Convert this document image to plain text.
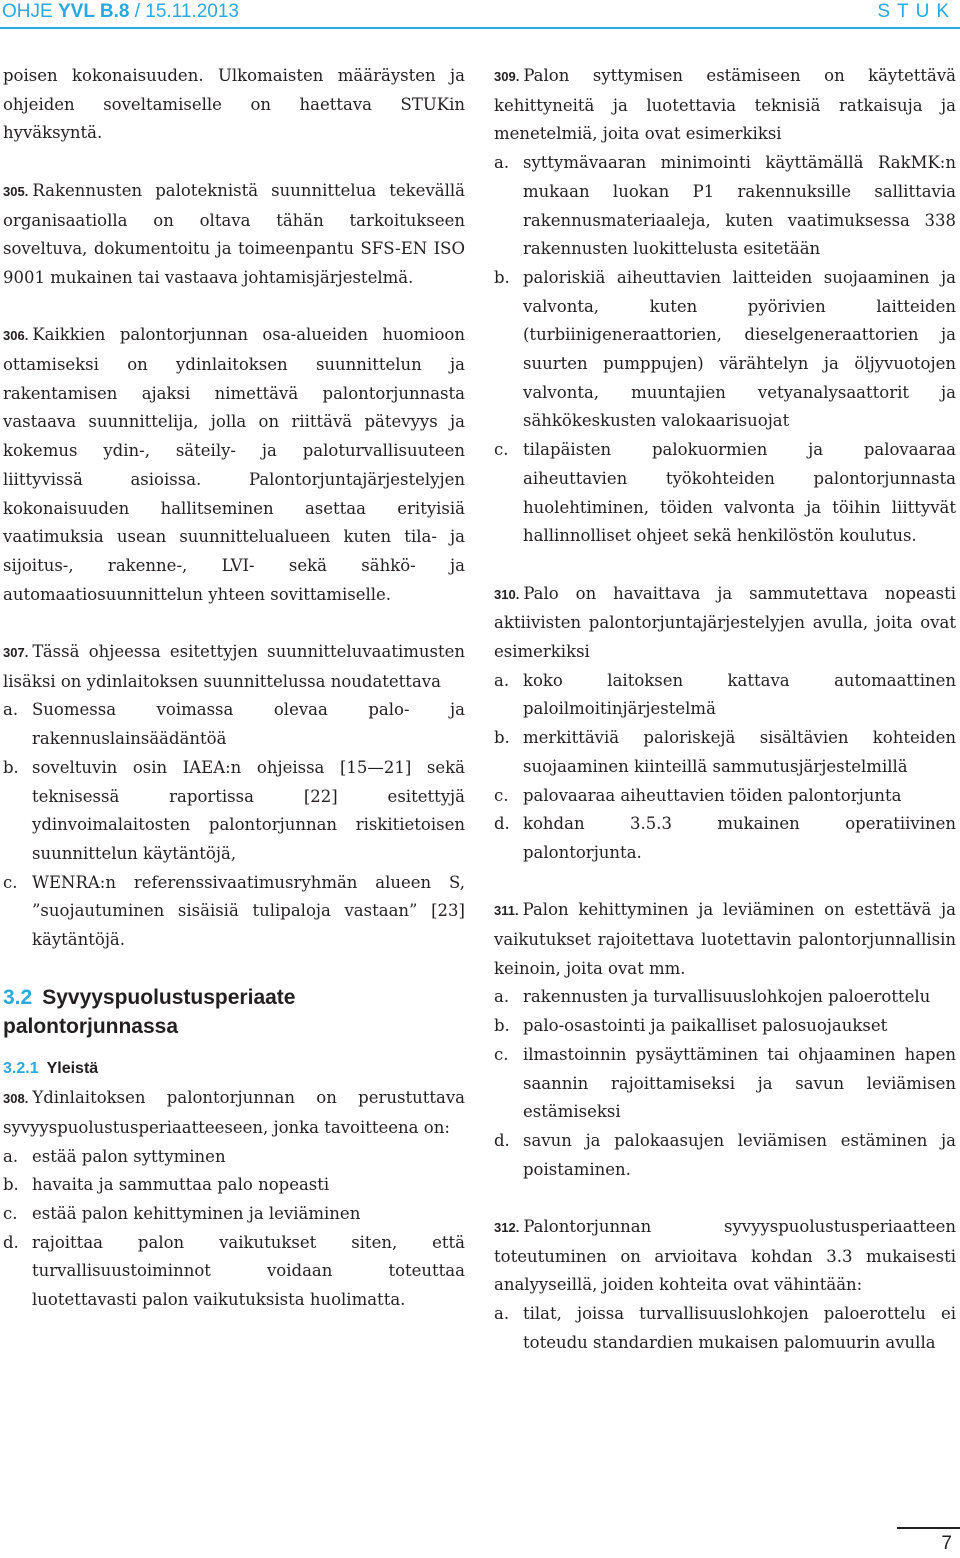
OHJE YVL B.8 / 15.11.2013	STUK

poisen kokonaisuuden. Ulkomaisten määräysten ja ohjeiden soveltamiselle on haettava STUKin hyväksyntä.

305. Rakennusten paloteknistä suunnittelua tekevällä organisaatiolla on oltava tähän tarkoitukseen soveltuva, dokumentoitu ja toimeenpantu SFS-EN ISO 9001 mukainen tai vastaava johtamisjärjestelmä.

306. Kaikkien palontorjunnan osa-alueiden huomioon ottamiseksi on ydinlaitoksen suunnittelun ja rakentamisen ajaksi nimettävä palontorjunnasta vastaava suunnittelija, jolla on riittävä pätevyys ja kokemus ydin-, säteily- ja paloturvallisuuteen liittyvissä asioissa. Palontorjuntajärjestelyjen kokonaisuuden hallitseminen asettaa erityisiä vaatimuksia usean suunnittelualueen kuten tila- ja sijoitus-, rakenne-, LVI- sekä sähkö- ja automaatiosuunnittelun yhteen sovittamiselle.

307. Tässä ohjeessa esitettyjen suunnitteluvaatimusten lisäksi on ydinlaitoksen suunnittelussa noudatettava

a. Suomessa voimassa olevaa palo- ja rakennuslainsäädäntöä
b. soveltuvin osin IAEA:n ohjeissa [15—21] sekä teknisessä raportissa [22] esitettyjä ydinvoimalaitosten palontorjunnan riskitietoisen suunnittelun käytäntöjä,
c. WENRA:n referenssivaatimusryhmän alueen S, ”suojautuminen sisäisiä tulipaloja vastaan” [23] käytäntöjä.
3.2 Syvyyspuolustusperiaate palontorjunnassa
3.2.1 Yleistä

308. Ydinlaitoksen palontorjunnan on perustuttava syvyyspuolustusperiaatteeseen, jonka tavoitteena on:

a. estää palon syttyminen
b. havaita ja sammuttaa palo nopeasti
c. estää palon kehittyminen ja leviäminen
d. rajoittaa palon vaikutukset siten, että turvallisuustoiminnot voidaan toteuttaa luotettavasti palon vaikutuksista huolimatta.

309. Palon syttymisen estämiseen on käytettävä kehittyneitä ja luotettavia teknisiä ratkaisuja ja menetelmiä, joita ovat esimerkiksi

a. syttymävaaran minimointi käyttämällä RakMK:n mukaan luokan P1 rakennuksille sallittavia rakennusmateriaaleja, kuten vaatimuksessa 338 rakennusten luokittelusta esitetään
b. paloriskiä aiheuttavien laitteiden suojaaminen ja valvonta, kuten pyörivien laitteiden (turbiinigeneraattorien, dieselgeneraattorien ja suurten pumppujen) värähtelyn ja öljyvuotojen valvonta, muuntajien vetyanalysaattorit ja sähkökeskusten valokaarisuojat
c. tilapäisten palokuormien ja palovaaraa aiheuttavien työkohteiden palontorjunnasta huolehtiminen, töiden valvonta ja töihin liittyvät hallinnolliset ohjeet sekä henkilöstön koulutus.

310. Palo on havaittava ja sammutettava nopeasti aktiivisten palontorjuntajärjestelyjen avulla, joita ovat esimerkiksi

a. koko laitoksen kattava automaattinen paloilmoitinjärjestelmä
b. merkittäviä paloriskejä sisältävien kohteiden suojaaminen kiinteillä sammutusjärjestelmillä
c. palovaaraa aiheuttavien töiden palontorjunta
d. kohdan 3.5.3 mukainen operatiivinen palontorjunta.

311. Palon kehittyminen ja leviäminen on estettävä ja vaikutukset rajoitettava luotettavin palontorjunnallisin keinoin, joita ovat mm.

a. rakennusten ja turvallisuuslohkojen paloerottelu
b. palo-osastointi ja paikalliset palosuojaukset
c. ilmastoinnin pysäyttäminen tai ohjaaminen hapen saannin rajoittamiseksi ja savun leviämisen estämiseksi
d. savun ja palokaasujen leviämisen estäminen ja poistaminen.

312. Palontorjunnan syvyyspuolustusperiaatteen toteutuminen on arvioitava kohdan 3.3 mukaisesti analyyseillä, joiden kohteita ovat vähintään:

a. tilat, joissa turvallisuuslohkojen paloerottelu ei toteudu standardien mukaisen palomuurin avulla
7
